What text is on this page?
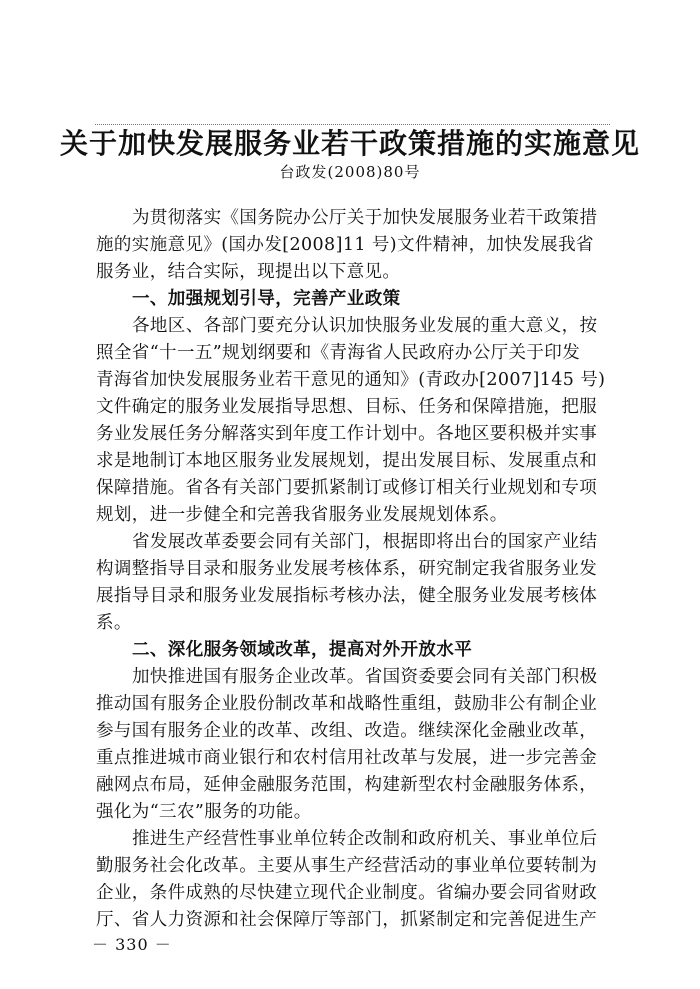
关于加快发展服务业若干政策措施的实施意见
台政发(2008)80号
为贯彻落实《国务院办公厅关于加快发展服务业若干政策措
施的实施意见》(国办发[2008]11 号)文件精神，加快发展我省
服务业，结合实际，现提出以下意见。
一、加强规划引导，完善产业政策
各地区、各部门要充分认识加快服务业发展的重大意义，按
照全省“十一五”规划纲要和《青海省人民政府办公厅关于印发
青海省加快发展服务业若干意见的通知》(青政办[2007]145 号)
文件确定的服务业发展指导思想、目标、任务和保障措施，把服
务业发展任务分解落实到年度工作计划中。各地区要积极并实事
求是地制订本地区服务业发展规划，提出发展目标、发展重点和
保障措施。省各有关部门要抓紧制订或修订相关行业规划和专项
规划，进一步健全和完善我省服务业发展规划体系。
省发展改革委要会同有关部门，根据即将出台的国家产业结
构调整指导目录和服务业发展考核体系，研究制定我省服务业发
展指导目录和服务业发展指标考核办法，健全服务业发展考核体
系。
二、深化服务领域改革，提高对外开放水平
加快推进国有服务企业改革。省国资委要会同有关部门积极
推动国有服务企业股份制改革和战略性重组，鼓励非公有制企业
参与国有服务企业的改革、改组、改造。继续深化金融业改革，
重点推进城市商业银行和农村信用社改革与发展，进一步完善金
融网点布局，延伸金融服务范围，构建新型农村金融服务体系，
强化为“三农”服务的功能。
推进生产经营性事业单位转企改制和政府机关、事业单位后
勤服务社会化改革。主要从事生产经营活动的事业单位要转制为
企业，条件成熟的尽快建立现代企业制度。省编办要会同省财政
厅、省人力资源和社会保障厅等部门，抓紧制定和完善促进生产
－ 330 －
